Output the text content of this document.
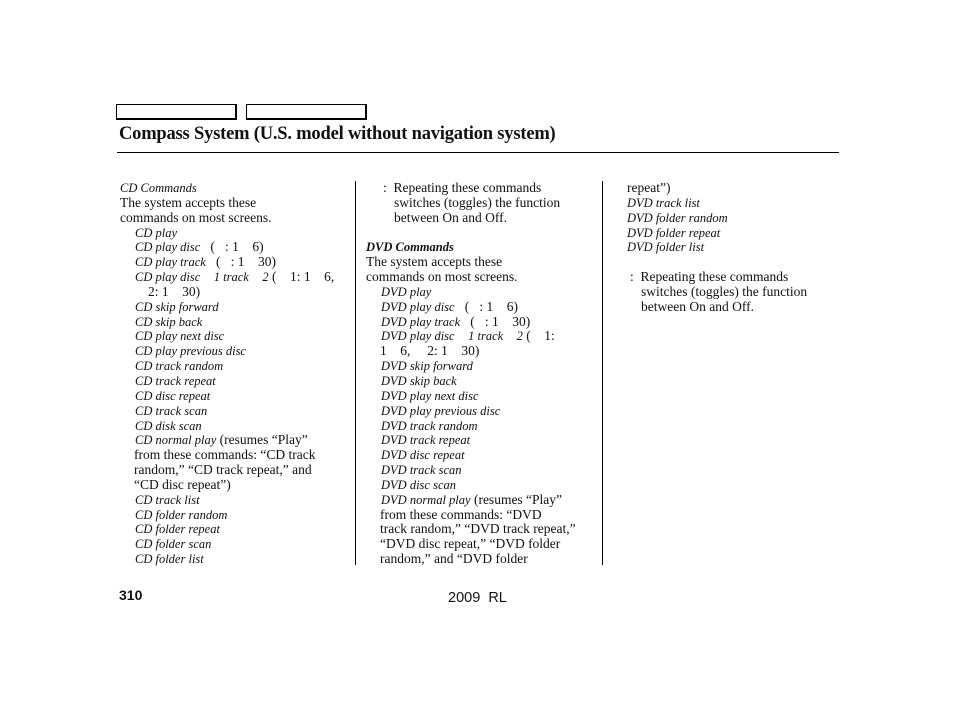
Compass System (U.S. model without navigation system)
CD Commands
The system accepts these
commands on most screens.
CD play
CD play disc   (   : 1    6)
CD play track   (   : 1    30)
CD play disc 1 track 2 (    1: 1    6,
2: 1    30)
CD skip forward
CD skip back
CD play next disc
CD play previous disc
CD track random
CD track repeat
CD disc repeat
CD track scan
CD disk scan
CD normal play (resumes “Play”
from these commands: “CD track
random,” “CD track repeat,” and
“CD disc repeat”)
CD track list
CD folder random
CD folder repeat
CD folder scan
CD folder list
:  Repeating these commands
switches (toggles) the function
between On and Off.
DVD Commands
The system accepts these
commands on most screens.
DVD play
DVD play disc   (   : 1    6)
DVD play track   (   : 1    30)
DVD play disc 1 track 2 (    1:
1    6,     2: 1    30)
DVD skip forward
DVD skip back
DVD play next disc
DVD play previous disc
DVD track random
DVD track repeat
DVD disc repeat
DVD track scan
DVD disc scan
DVD normal play (resumes “Play”
from these commands: “DVD
track random,” “DVD track repeat,”
“DVD disc repeat,” “DVD folder
random,” and “DVD folder
repeat”)
DVD track list
DVD folder random
DVD folder repeat
DVD folder list
:  Repeating these commands
switches (toggles) the function
between On and Off.
310	2009  RL
